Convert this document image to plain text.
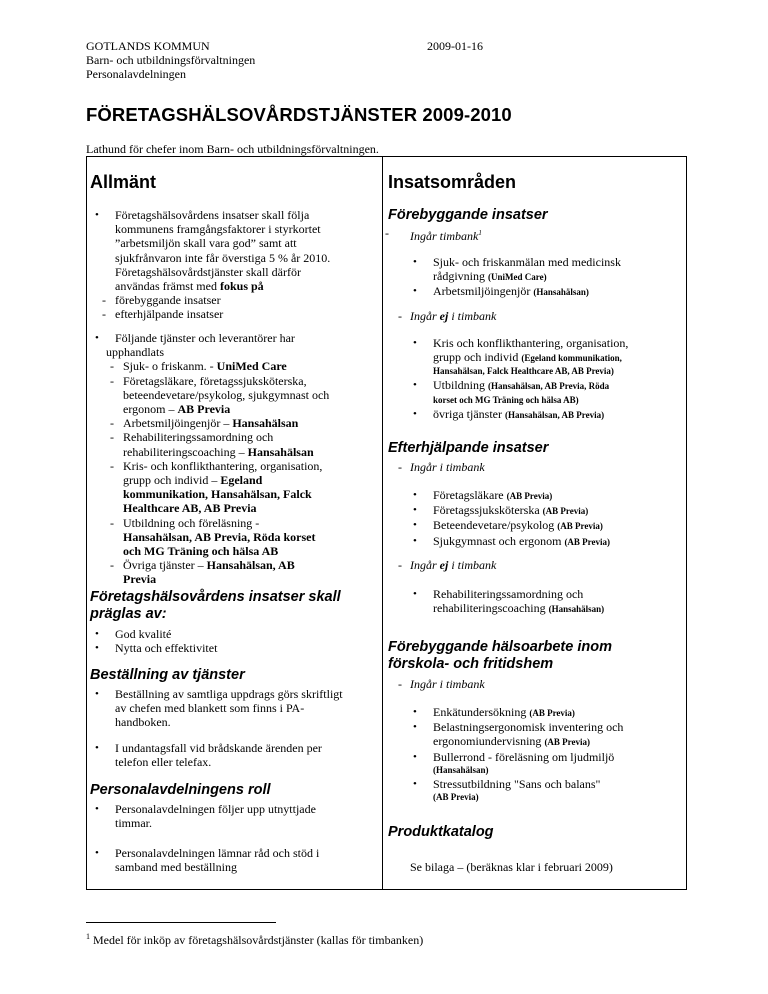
GOTLANDS KOMMUN	2009-01-16
Barn- och utbildningsförvaltningen
Personalavdelningen
FÖRETAGSHÄLSOVÅRDSTJÄNSTER 2009-2010
Lathund för chefer inom Barn- och utbildningsförvaltningen.
Allmänt
• Företagshälsovårdens insatser skall följa
kommunens framgångsfaktorer i styrkortet
”arbetsmiljön skall vara god” samt att
sjukfrånvaron inte får överstiga 5 % år 2010.
Företagshälsovårdstjänster skall därför
användas främst med fokus på
- förebyggande insatser
- efterhjälpande insatser
• Följande tjänster och leverantörer har
upphandlats
- Sjuk- o friskanm. - UniMed Care
- Företagsläkare, företagssjuksköterska,
beteendevetare/psykolog, sjukgymnast och
ergonom – AB Previa
- Arbetsmiljöingenjör – Hansahälsan
- Rehabiliteringssamordning och
rehabiliteringscoaching – Hansahälsan
- Kris- och konflikthantering, organisation,
grupp och individ – Egeland
kommunikation, Hansahälsan, Falck
Healthcare AB, AB Previa
- Utbildning och föreläsning -
Hansahälsan, AB Previa, Röda korset
och MG Träning och hälsa AB
- Övriga tjänster – Hansahälsan, AB
Previa
Företagshälsovårdens insatser skall
präglas av:
• God kvalité
• Nytta och effektivitet
Beställning av tjänster
• Beställning av samtliga uppdrags görs skriftligt
av chefen med blankett som finns i PA-
handboken.
• I undantagsfall vid brådskande ärenden per
telefon eller telefax.
Personalavdelningens roll
• Personalavdelningen följer upp utnyttjade
timmar.
• Personalavdelningen lämnar råd och stöd i
samband med beställning
Insatsområden
Förebyggande insatser
- Ingår timbank$^1$
• Sjuk- och friskanmälan med medicinsk
rådgivning (UniMed Care)
• Arbetsmiljöingenjör (Hansahälsan)
- Ingår ej i timbank
• Kris och konflikthantering, organisation,
grupp och individ (Egeland kommunikation,
Hansahälsan, Falck Healthcare AB, AB Previa)
• Utbildning (Hansahälsan, AB Previa, Röda
korset och MG Träning och hälsa AB)
• övriga tjänster (Hansahälsan, AB Previa)
Efterhjälpande insatser
- Ingår i timbank
• Företagsläkare (AB Previa)
• Företagssjuksköterska (AB Previa)
• Beteendevetare/psykolog (AB Previa)
• Sjukgymnast och ergonom (AB Previa)
- Ingår ej i timbank
• Rehabiliteringssamordning och
rehabiliteringscoaching (Hansahälsan)
Förebyggande hälsoarbete inom
förskola- och fritidshem
- Ingår i timbank
• Enkätundersökning (AB Previa)
• Belastningsergonomisk inventering och
ergonomiundervisning (AB Previa)
• Bullerrond - föreläsning om ljudmiljö
(Hansahälsan)
• Stressutbildning "Sans och balans"
(AB Previa)
Produktkatalog
Se bilaga – (beräknas klar i februari 2009)
$^1$ Medel för inköp av företagshälsovårdstjänster (kallas för timbanken)
